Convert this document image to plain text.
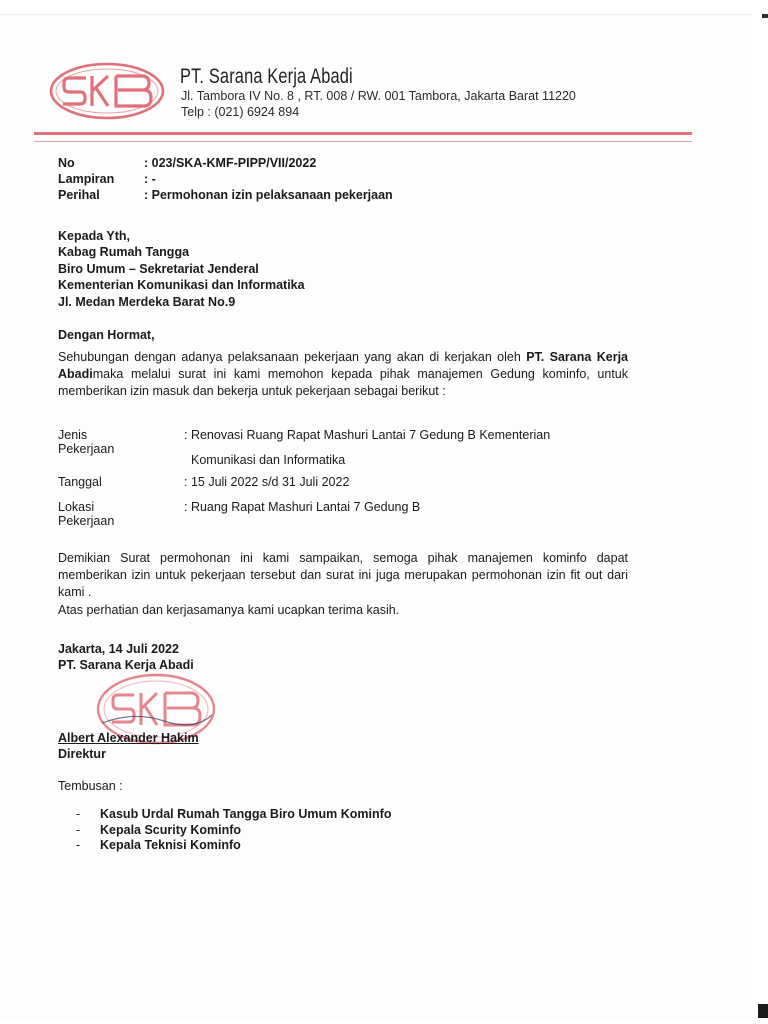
PT. Sarana Kerja Abadi
Jl. Tambora IV No. 8 , RT. 008 / RW. 001 Tambora, Jakarta Barat 11220
Telp : (021) 6924 894
No	: 023/SKA-KMF-PIPP/VII/2022
Lampiran : -
Perihal	: Permohonan izin pelaksanaan pekerjaan
Kepada Yth,
Kabag Rumah Tangga
Biro Umum – Sekretariat Jenderal
Kementerian Komunikasi dan Informatika
Jl. Medan Merdeka Barat No.9
Dengan Hormat,
Sehubungan dengan adanya pelaksanaan pekerjaan yang akan di kerjakan oleh PT. Sarana Kerja Abadimaka melalui surat ini kami memohon kepada pihak manajemen Gedung kominfo, untuk memberikan izin masuk dan bekerja untuk pekerjaan sebagai berikut :
Jenis Pekerjaan
: Renovasi Ruang Rapat Mashuri Lantai 7 Gedung B Kementerian
Komunikasi dan Informatika
Tanggal	: 15 Juli 2022 s/d 31 Juli 2022
Lokasi Pekerjaan
: Ruang Rapat Mashuri Lantai 7 Gedung B
Demikian Surat permohonan ini kami sampaikan, semoga pihak manajemen kominfo dapat memberikan izin untuk pekerjaan tersebut dan surat ini juga merupakan permohonan izin fit out dari kami .
Atas perhatian dan kerjasamanya kami ucapkan terima kasih.
Jakarta, 14 Juli 2022
PT. Sarana Kerja Abadi
Albert Alexander Hakim
Direktur
Tembusan :
- Kasub Urdal Rumah Tangga Biro Umum Kominfo
- Kepala Scurity Kominfo
- Kepala Teknisi Kominfo
